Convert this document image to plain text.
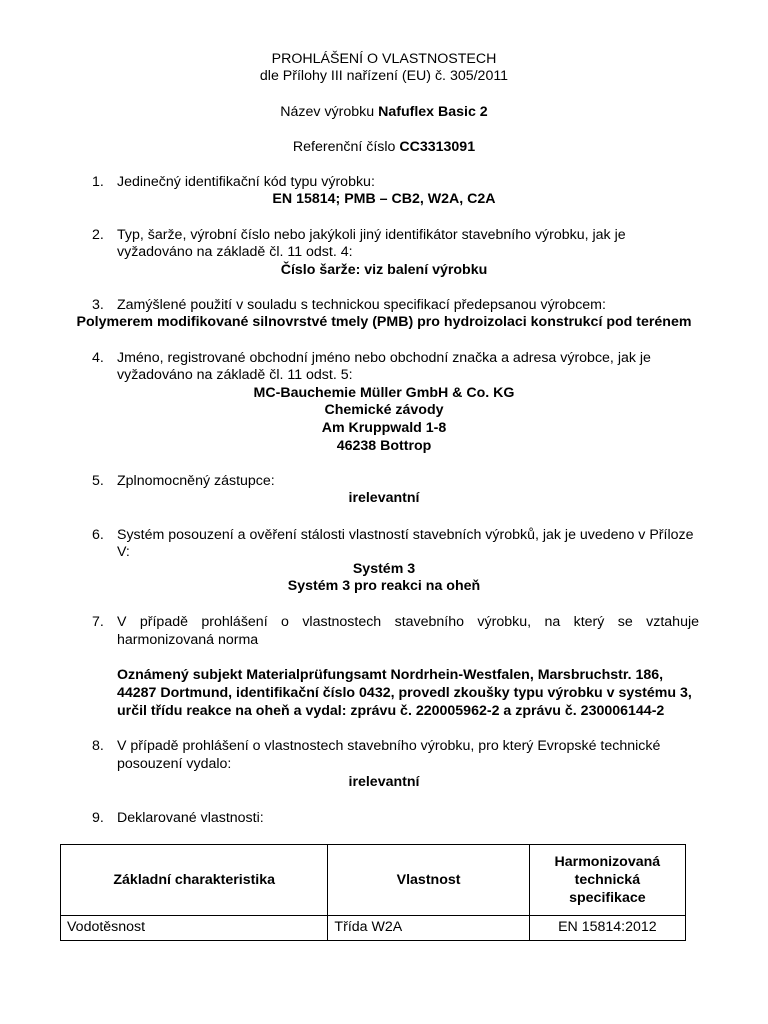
PROHLÁŠENÍ O VLASTNOSTECH
dle Přílohy III nařízení (EU) č. 305/2011
Název výrobku Nafuflex Basic 2
Referenční číslo CC3313091
1. Jedinečný identifikační kód typu výrobku:
EN 15814; PMB – CB2, W2A, C2A
2. Typ, šarže, výrobní číslo nebo jakýkoli jiný identifikátor stavebního výrobku, jak je
vyžadováno na základě čl. 11 odst. 4:
Číslo šarže: viz balení výrobku
3. Zamýšlené použití v souladu s technickou specifikací předepsanou výrobcem:
Polymerem modifikované silnovrstvé tmely (PMB) pro hydroizolaci konstrukcí pod terénem
4. Jméno, registrované obchodní jméno nebo obchodní značka a adresa výrobce, jak je
vyžadováno na základě čl. 11 odst. 5:
MC-Bauchemie Müller GmbH & Co. KG
Chemické závody
Am Kruppwald 1-8
46238 Bottrop
5. Zplnomocněný zástupce:
irelevantní
6. Systém posouzení a ověření stálosti vlastností stavebních výrobků, jak je uvedeno v Příloze
V:
Systém 3
Systém 3 pro reakci na oheň
7. V případě prohlášení o vlastnostech stavebního výrobku, na který se vztahuje
harmonizovaná norma
Oznámený subjekt Materialprüfungsamt Nordrhein-Westfalen, Marsbruchstr. 186,
44287 Dortmund, identifikační číslo 0432, provedl zkoušky typu výrobku v systému 3,
určil třídu reakce na oheň a vydal: zprávu č. 220005962-2 a zprávu č. 230006144-2
8. V případě prohlášení o vlastnostech stavebního výrobku, pro který Evropské technické
posouzení vydalo:
irelevantní
9. Deklarované vlastnosti:
Základní charakteristika	Vlastnost	Harmonizovaná
technická
specifikace

Vodotěsnost	Třída W2A	EN 15814:2012
